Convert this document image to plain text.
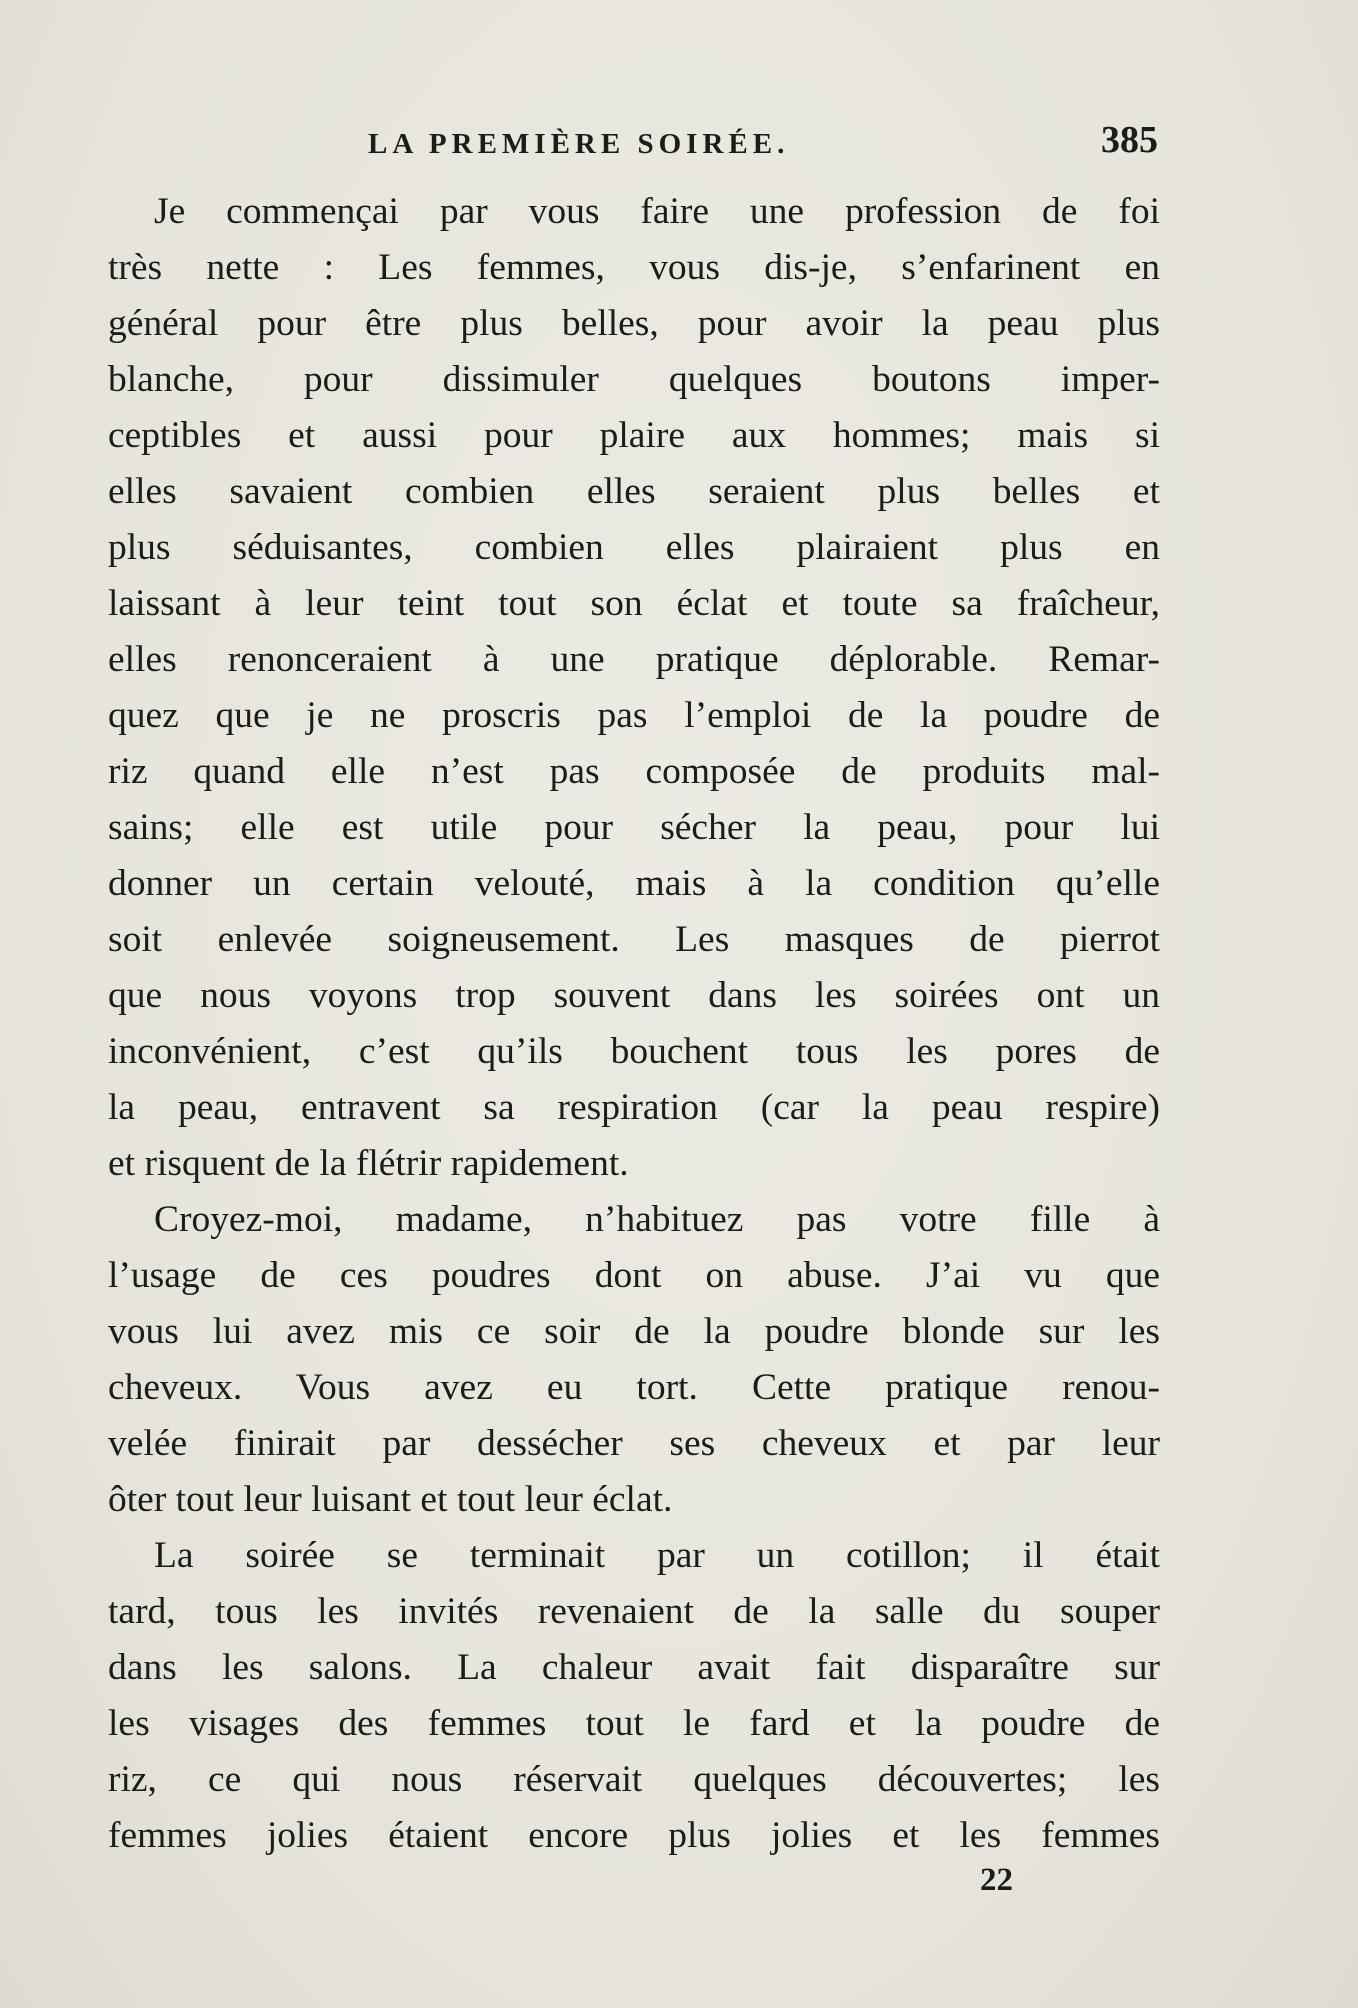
LA PREMIÈRE SOIRÉE.	385

Je commençai par vous faire une profession de foi
très nette : Les femmes, vous dis-je, s’enfarinent en
général pour être plus belles, pour avoir la peau plus
blanche, pour dissimuler quelques boutons imper-
ceptibles et aussi pour plaire aux hommes; mais si
elles savaient combien elles seraient plus belles et
plus séduisantes, combien elles plairaient plus en
laissant à leur teint tout son éclat et toute sa fraîcheur,
elles renonceraient à une pratique déplorable. Remar-
quez que je ne proscris pas l’emploi de la poudre de
riz quand elle n’est pas composée de produits mal-
sains; elle est utile pour sécher la peau, pour lui
donner un certain velouté, mais à la condition qu’elle
soit enlevée soigneusement. Les masques de pierrot
que nous voyons trop souvent dans les soirées ont un
inconvénient, c’est qu’ils bouchent tous les pores de
la peau, entravent sa respiration (car la peau respire)
et risquent de la flétrir rapidement.

Croyez-moi, madame, n’habituez pas votre fille à
l’usage de ces poudres dont on abuse. J’ai vu que
vous lui avez mis ce soir de la poudre blonde sur les
cheveux. Vous avez eu tort. Cette pratique renou-
velée finirait par dessécher ses cheveux et par leur
ôter tout leur luisant et tout leur éclat.

La soirée se terminait par un cotillon; il était
tard, tous les invités revenaient de la salle du souper
dans les salons. La chaleur avait fait disparaître sur
les visages des femmes tout le fard et la poudre de
riz, ce qui nous réservait quelques découvertes; les
femmes jolies étaient encore plus jolies et les femmes

22
